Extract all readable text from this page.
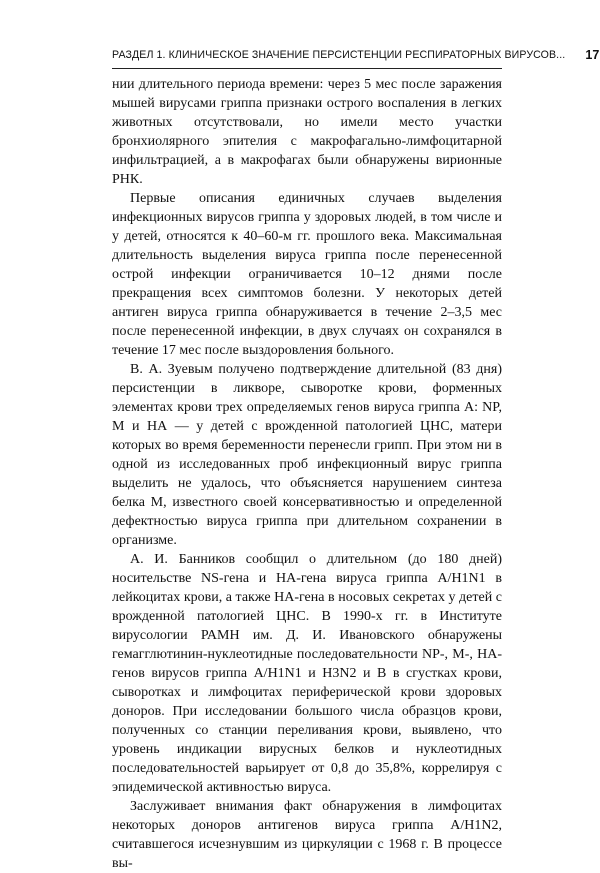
РАЗДЕЛ 1. КЛИНИЧЕСКОЕ ЗНАЧЕНИЕ ПЕРСИСТЕНЦИИ РЕСПИРАТОРНЫХ ВИРУСОВ... 17

нии длительного периода времени: через 5 мес после заражения мышей вирусами гриппа признаки острого воспаления в легких животных отсутствовали, но имели место участки бронхиолярного эпителия с макрофагально-лимфоцитарной инфильтрацией, а в макрофагах были обнаружены вирионные РНК.

Первые описания единичных случаев выделения инфекционных вирусов гриппа у здоровых людей, в том числе и у детей, относятся к 40–60-м гг. прошлого века. Максимальная длительность выделения вируса гриппа после перенесенной острой инфекции ограничивается 10–12 днями после прекращения всех симптомов болезни. У некоторых детей антиген вируса гриппа обнаруживается в течение 2–3,5 мес после перенесенной инфекции, в двух случаях он сохранялся в течение 17 мес после выздоровления больного.

В. А. Зуевым получено подтверждение длительной (83 дня) персистенции в ликворе, сыворотке крови, форменных элементах крови трех определяемых генов вируса гриппа А: NP, М и НА — у детей с врожденной патологией ЦНС, матери которых во время беременности перенесли грипп. При этом ни в одной из исследованных проб инфекционный вирус гриппа выделить не удалось, что объясняется нарушением синтеза белка М, известного своей консервативностью и определенной дефектностью вируса гриппа при длительном сохранении в организме.

А. И. Банников сообщил о длительном (до 180 дней) носительстве NS-гена и НА-гена вируса гриппа A/H1N1 в лейкоцитах крови, а также НА-гена в носовых секретах у детей с врожденной патологией ЦНС. В 1990-х гг. в Институте вирусологии РАМН им. Д. И. Ивановского обнаружены гемагглютинин-нуклеотидные последовательности NP-, М-, НА-генов вирусов гриппа A/H1N1 и H3N2 и В в сгустках крови, сыворотках и лимфоцитах периферической крови здоровых доноров. При исследовании большого числа образцов крови, полученных со станции переливания крови, выявлено, что уровень индикации вирусных белков и нуклеотидных последовательностей варьирует от 0,8 до 35,8%, коррелируя с эпидемической активностью вируса.

Заслуживает внимания факт обнаружения в лимфоцитах некоторых доноров антигенов вируса гриппа A/H1N2, считавшегося исчезнувшим из циркуляции с 1968 г. В процессе вы-
